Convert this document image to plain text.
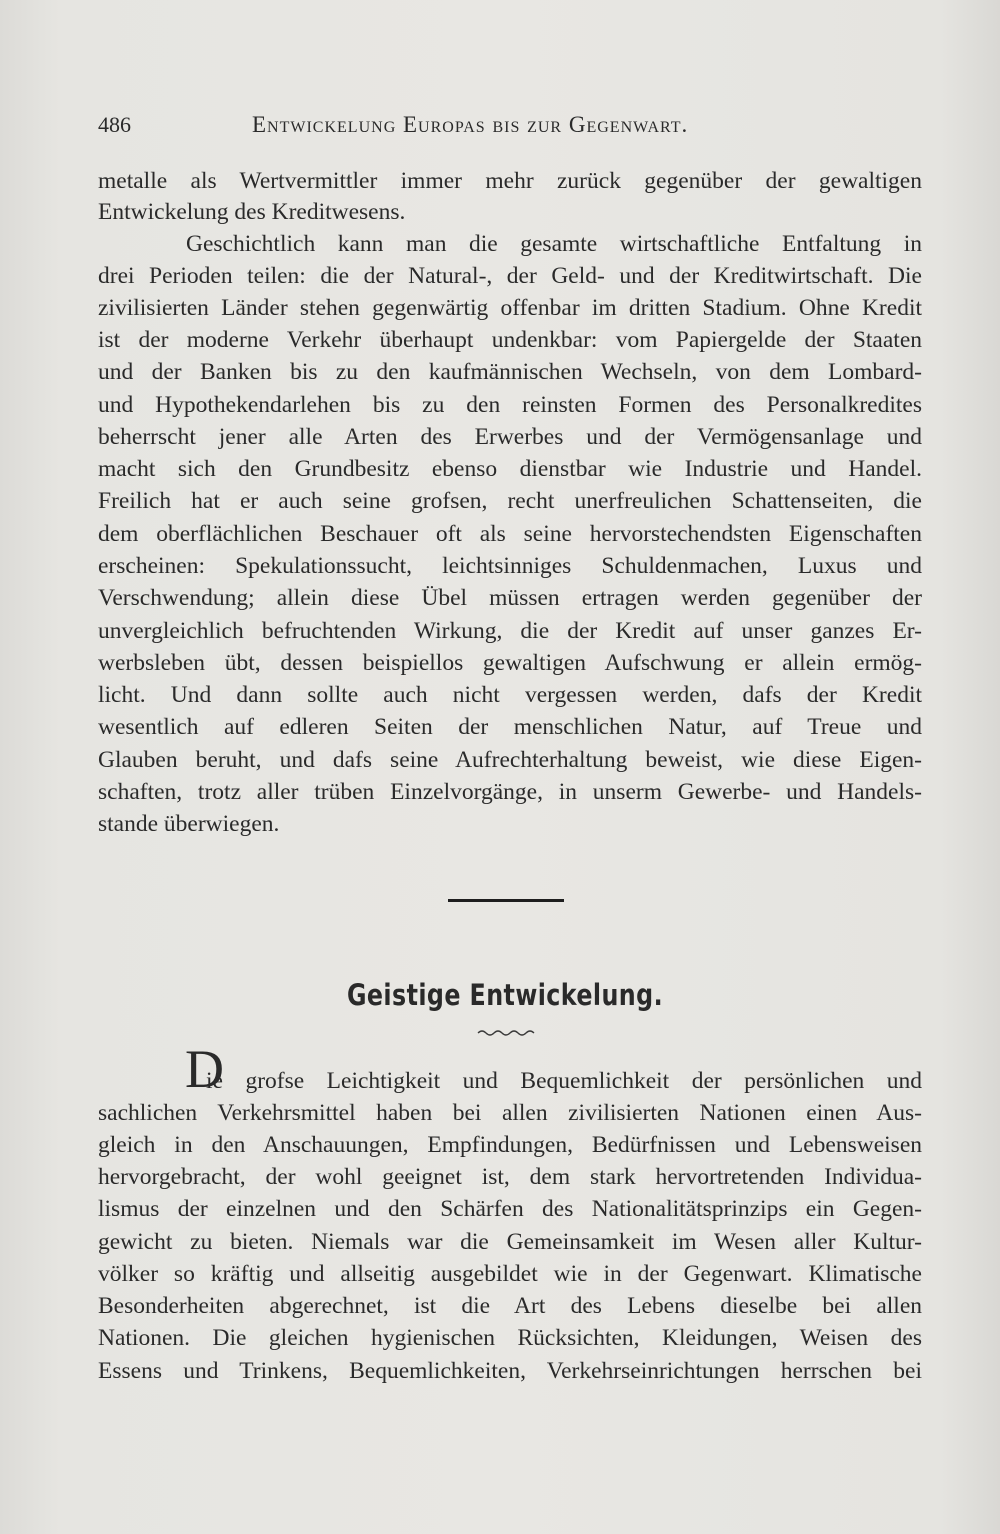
486	Entwickelung Europas bis zur Gegenwart.
metalle als Wertvermittler immer mehr zurück gegenüber der gewaltigen
Entwickelung des Kreditwesens.
Geschichtlich kann man die gesamte wirtschaftliche Entfaltung in
drei Perioden teilen: die der Natural-, der Geld- und der Kreditwirtschaft. Die
zivilisierten Länder stehen gegenwärtig offenbar im dritten Stadium. Ohne Kredit
ist der moderne Verkehr überhaupt undenkbar: vom Papiergelde der Staaten
und der Banken bis zu den kaufmännischen Wechseln, von dem Lombard-
und Hypothekendarlehen bis zu den reinsten Formen des Personalkredites
beherrscht jener alle Arten des Erwerbes und der Vermögensanlage und
macht sich den Grundbesitz ebenso dienstbar wie Industrie und Handel.
Freilich hat er auch seine grofsen, recht unerfreulichen Schattenseiten, die
dem oberflächlichen Beschauer oft als seine hervorstechendsten Eigenschaften
erscheinen: Spekulationssucht, leichtsinniges Schuldenmachen, Luxus und
Verschwendung; allein diese Übel müssen ertragen werden gegenüber der
unvergleichlich befruchtenden Wirkung, die der Kredit auf unser ganzes Er-
werbsleben übt, dessen beispiellos gewaltigen Aufschwung er allein ermög-
licht. Und dann sollte auch nicht vergessen werden, dafs der Kredit
wesentlich auf edleren Seiten der menschlichen Natur, auf Treue und
Glauben beruht, und dafs seine Aufrechterhaltung beweist, wie diese Eigen-
schaften, trotz aller trüben Einzelvorgänge, in unserm Gewerbe- und Handels-
stande überwiegen.
Geistige Entwickelung.
D
ie grofse Leichtigkeit und Bequemlichkeit der persönlichen und
sachlichen Verkehrsmittel haben bei allen zivilisierten Nationen einen Aus-
gleich in den Anschauungen, Empfindungen, Bedürfnissen und Lebensweisen
hervorgebracht, der wohl geeignet ist, dem stark hervortretenden Individua-
lismus der einzelnen und den Schärfen des Nationalitätsprinzips ein Gegen-
gewicht zu bieten. Niemals war die Gemeinsamkeit im Wesen aller Kultur-
völker so kräftig und allseitig ausgebildet wie in der Gegenwart. Klimatische
Besonderheiten abgerechnet, ist die Art des Lebens dieselbe bei allen
Nationen. Die gleichen hygienischen Rücksichten, Kleidungen, Weisen des
Essens und Trinkens, Bequemlichkeiten, Verkehrseinrichtungen herrschen bei
